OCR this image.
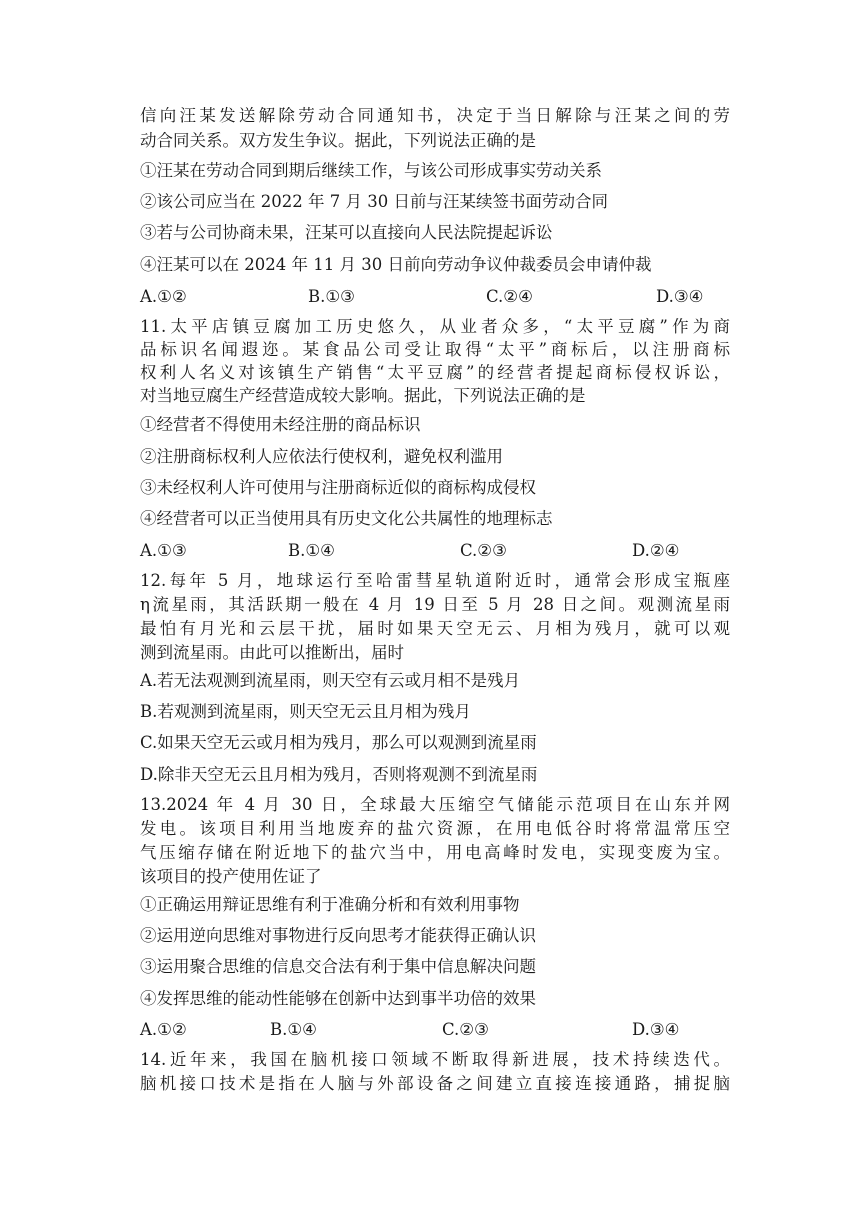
信向汪某发送解除劳动合同通知书，决定于当日解除与汪某之间的劳
动合同关系。双方发生争议。据此，下列说法正确的是
①汪某在劳动合同到期后继续工作，与该公司形成事实劳动关系
②该公司应当在 2022 年 7 月 30 日前与汪某续签书面劳动合同
③若与公司协商未果，汪某可以直接向人民法院提起诉讼
④汪某可以在 2024 年 11 月 30 日前向劳动争议仲裁委员会申请仲裁
A.①②	B.①③	C.②④	D.③④
11.太平店镇豆腐加工历史悠久，从业者众多，“太平豆腐”作为商
品标识名闻遐迩。某食品公司受让取得“太平”商标后，以注册商标
权利人名义对该镇生产销售“太平豆腐”的经营者提起商标侵权诉讼，
对当地豆腐生产经营造成较大影响。据此，下列说法正确的是
①经营者不得使用未经注册的商品标识
②注册商标权利人应依法行使权利，避免权利滥用
③未经权利人许可使用与注册商标近似的商标构成侵权
④经营者可以正当使用具有历史文化公共属性的地理标志
A.①③	B.①④	C.②③	D.②④
12.每年 5 月，地球运行至哈雷彗星轨道附近时，通常会形成宝瓶座
η流星雨，其活跃期一般在 4 月 19 日至 5 月 28 日之间。观测流星雨
最怕有月光和云层干扰，届时如果天空无云、月相为残月，就可以观
测到流星雨。由此可以推断出，届时
A.若无法观测到流星雨，则天空有云或月相不是残月
B.若观测到流星雨，则天空无云且月相为残月
C.如果天空无云或月相为残月，那么可以观测到流星雨
D.除非天空无云且月相为残月，否则将观测不到流星雨
13.2024 年 4 月 30 日，全球最大压缩空气储能示范项目在山东并网
发电。该项目利用当地废弃的盐穴资源，在用电低谷时将常温常压空
气压缩存储在附近地下的盐穴当中，用电高峰时发电，实现变废为宝。
该项目的投产使用佐证了
①正确运用辩证思维有利于准确分析和有效利用事物
②运用逆向思维对事物进行反向思考才能获得正确认识
③运用聚合思维的信息交合法有利于集中信息解决问题
④发挥思维的能动性能够在创新中达到事半功倍的效果
A.①②	B.①④	C.②③	D.③④
14.近年来，我国在脑机接口领域不断取得新进展，技术持续迭代。
脑机接口技术是指在人脑与外部设备之间建立直接连接通路，捕捉脑
